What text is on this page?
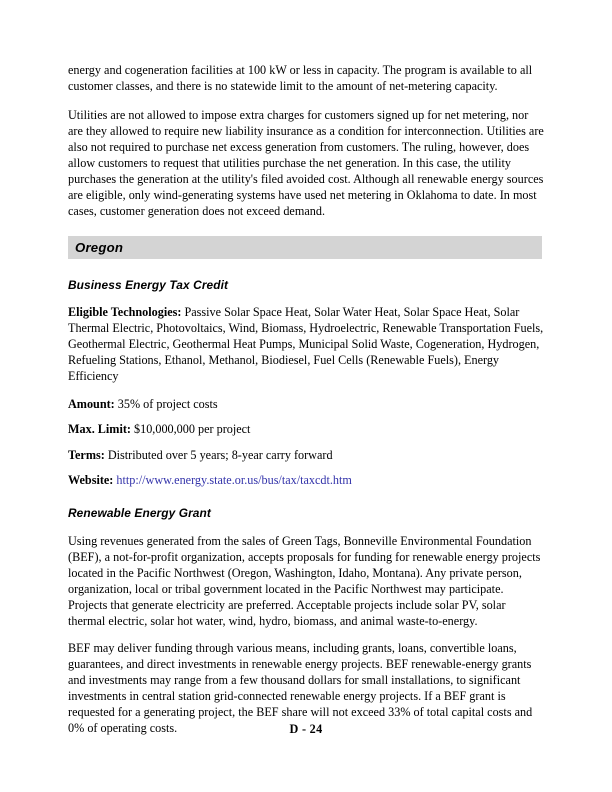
energy and cogeneration facilities at 100 kW or less in capacity. The program is available to all customer classes, and there is no statewide limit to the amount of net-metering capacity.

Utilities are not allowed to impose extra charges for customers signed up for net metering, nor are they allowed to require new liability insurance as a condition for interconnection. Utilities are also not required to purchase net excess generation from customers. The ruling, however, does allow customers to request that utilities purchase the net generation. In this case, the utility purchases the generation at the utility's filed avoided cost. Although all renewable energy sources are eligible, only wind-generating systems have used net metering in Oklahoma to date. In most cases, customer generation does not exceed demand.

Oregon
Business Energy Tax Credit

Eligible Technologies: Passive Solar Space Heat, Solar Water Heat, Solar Space Heat, Solar Thermal Electric, Photovoltaics, Wind, Biomass, Hydroelectric, Renewable Transportation Fuels, Geothermal Electric, Geothermal Heat Pumps, Municipal Solid Waste, Cogeneration, Hydrogen, Refueling Stations, Ethanol, Methanol, Biodiesel, Fuel Cells (Renewable Fuels), Energy Efficiency

Amount: 35% of project costs

Max. Limit: $10,000,000 per project

Terms: Distributed over 5 years; 8-year carry forward

Website: http://www.energy.state.or.us/bus/tax/taxcdt.htm

Renewable Energy Grant

Using revenues generated from the sales of Green Tags, Bonneville Environmental Foundation (BEF), a not-for-profit organization, accepts proposals for funding for renewable energy projects located in the Pacific Northwest (Oregon, Washington, Idaho, Montana). Any private person, organization, local or tribal government located in the Pacific Northwest may participate. Projects that generate electricity are preferred. Acceptable projects include solar PV, solar thermal electric, solar hot water, wind, hydro, biomass, and animal waste-to-energy.

BEF may deliver funding through various means, including grants, loans, convertible loans, guarantees, and direct investments in renewable energy projects. BEF renewable-energy grants and investments may range from a few thousand dollars for small installations, to significant investments in central station grid-connected renewable energy projects. If a BEF grant is requested for a generating project, the BEF share will not exceed 33% of total capital costs and 0% of operating costs.	D - 24
